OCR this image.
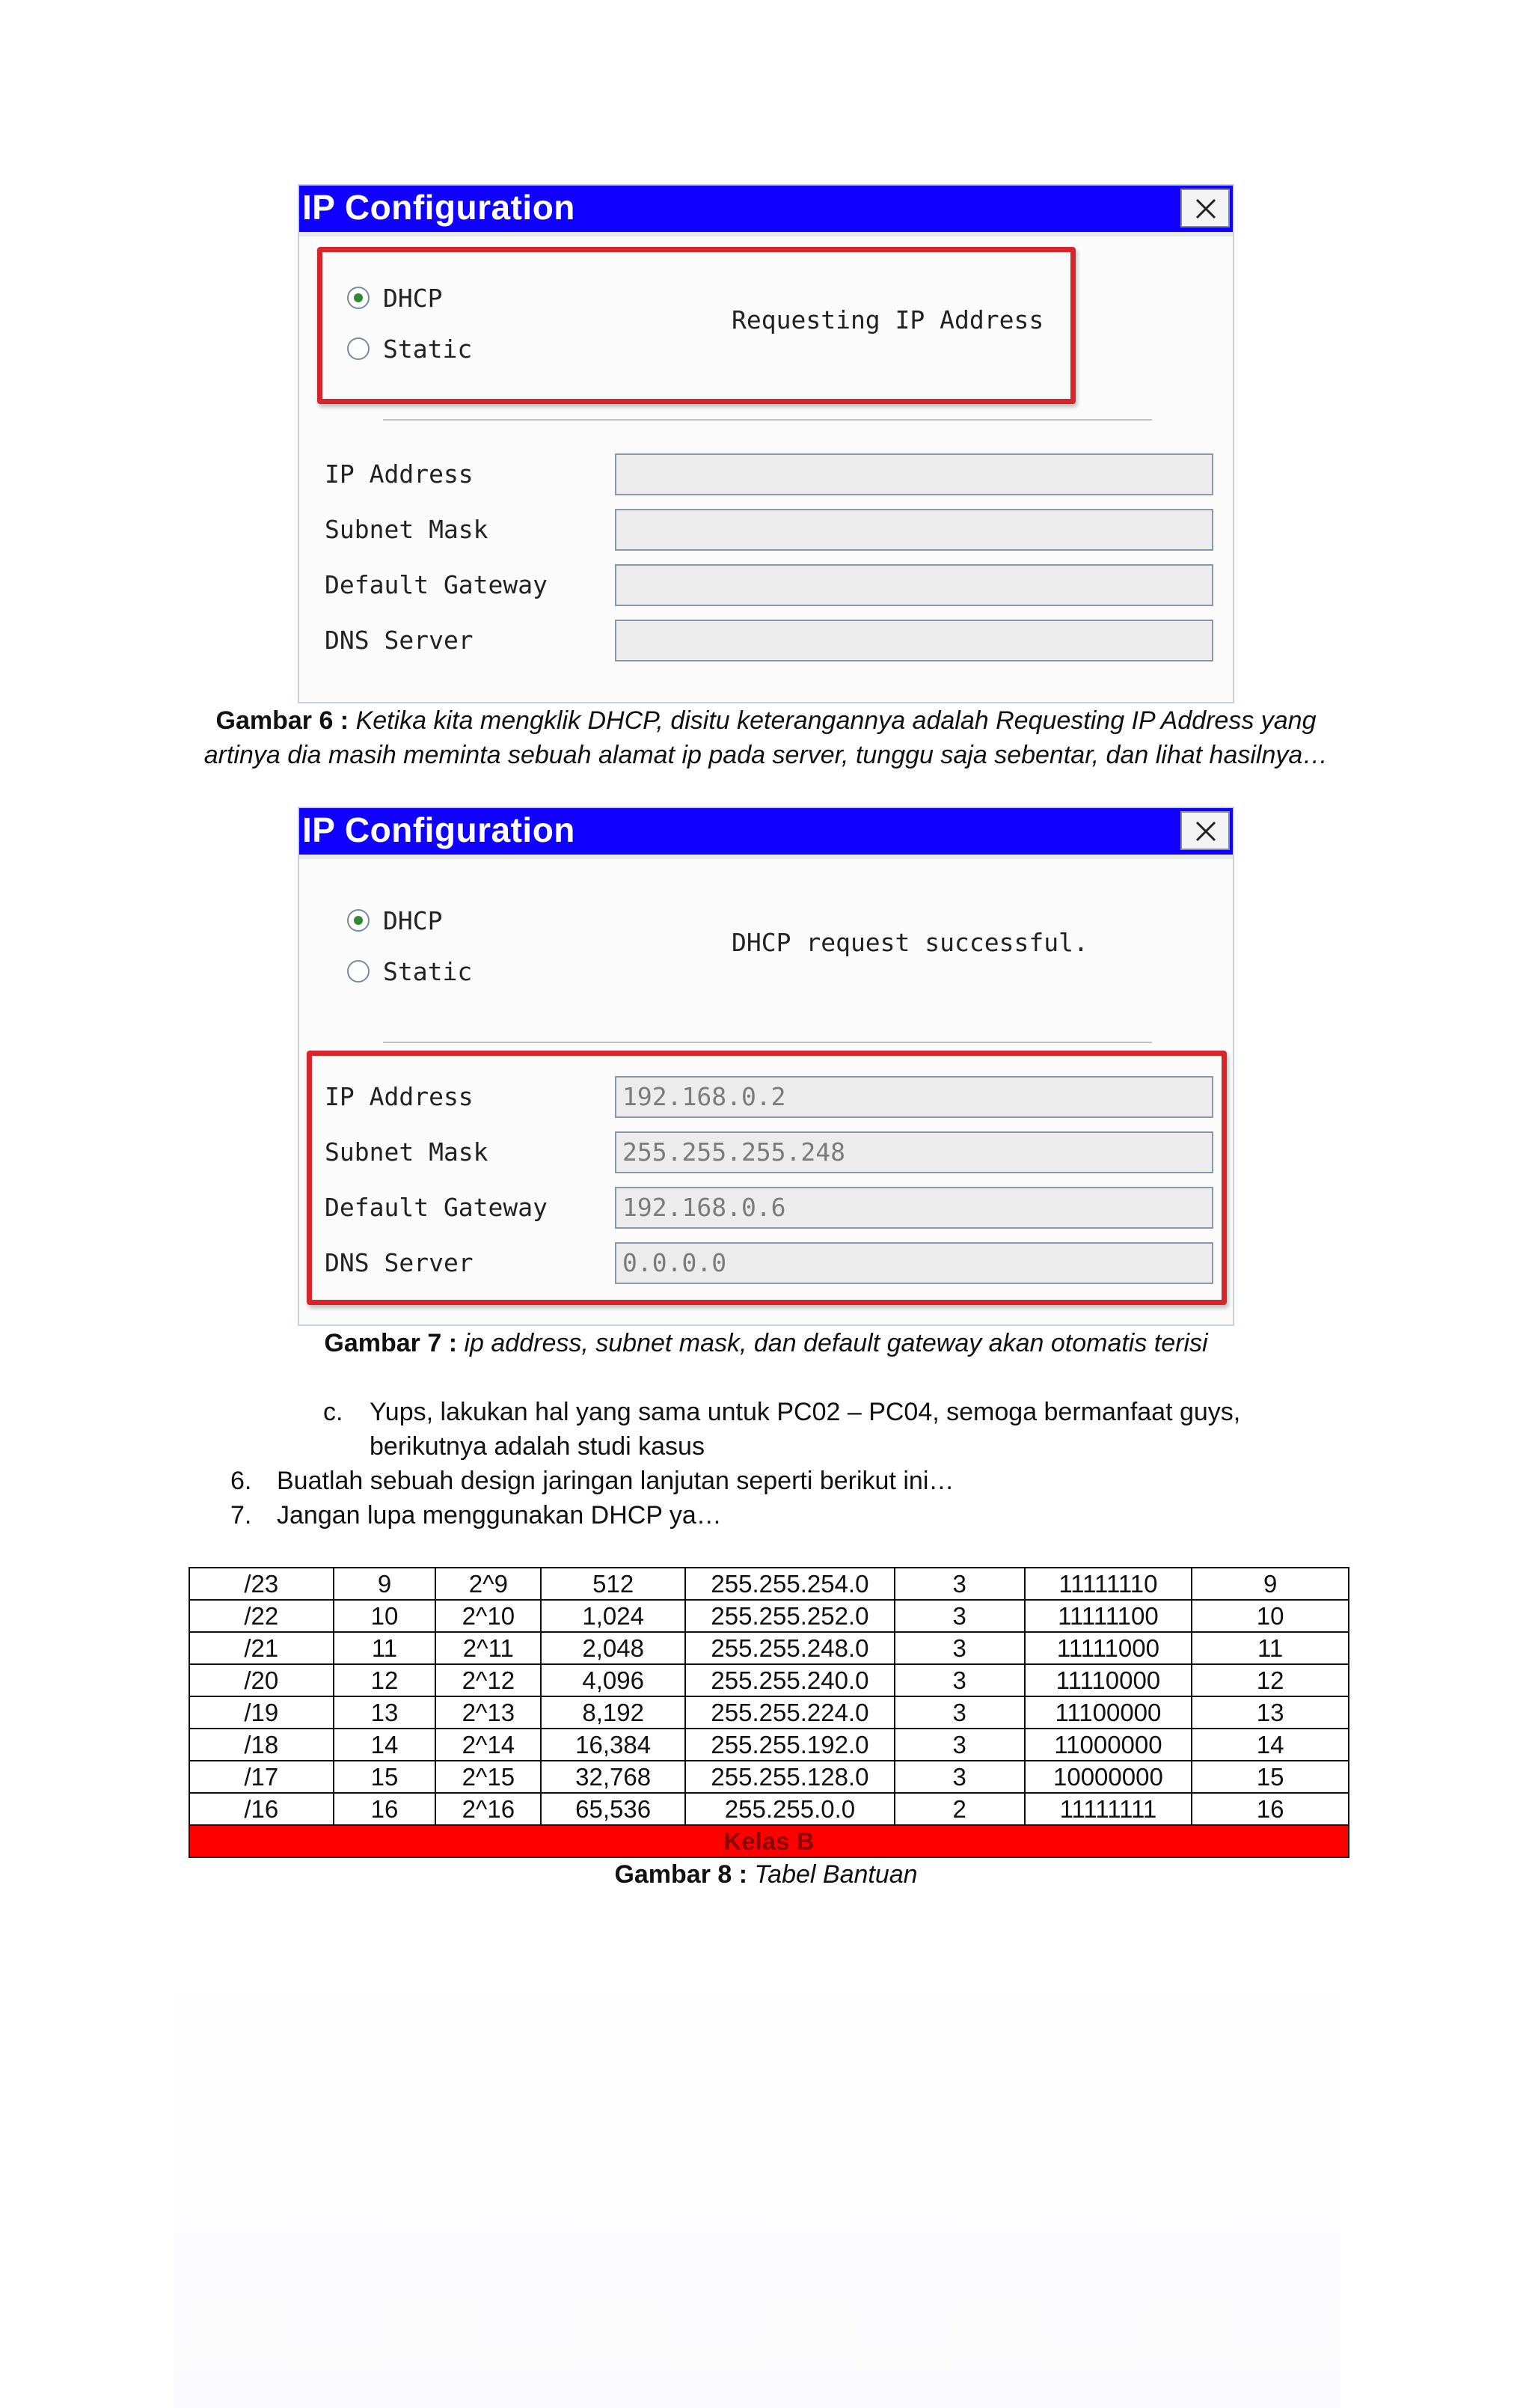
IP Configuration
DHCP
Static
Requesting IP Address
IP Address
Subnet Mask
Default Gateway
DNS Server
Gambar 6 : Ketika kita mengklik DHCP, disitu keterangannya adalah Requesting IP Address yang
artinya dia masih meminta sebuah alamat ip pada server, tunggu saja sebentar, dan lihat hasilnya…
IP Configuration
DHCP
Static
DHCP request successful.
IP Address	192.168.0.2
Subnet Mask	255.255.255.248
Default Gateway	192.168.0.6
DNS Server	0.0.0.0
Gambar 7 : ip address, subnet mask, dan default gateway akan otomatis terisi
c. Yups, lakukan hal yang sama untuk PC02 – PC04, semoga bermanfaat guys,
berikutnya adalah studi kasus
6. Buatlah sebuah design jaringan lanjutan seperti berikut ini…
7. Jangan lupa menggunakan DHCP ya…
/23	9	2^9	512	255.255.254.0	3	11111110	9
/22	10	2^10	1,024	255.255.252.0	3	11111100	10
/21	11	2^11	2,048	255.255.248.0	3	11111000	11
/20	12	2^12	4,096	255.255.240.0	3	11110000	12
/19	13	2^13	8,192	255.255.224.0	3	11100000	13
/18	14	2^14	16,384	255.255.192.0	3	11000000	14
/17	15	2^15	32,768	255.255.128.0	3	10000000	15
/16	16	2^16	65,536	255.255.0.0	2	11111111	16
Kelas B							
Gambar 8 : Tabel Bantuan
